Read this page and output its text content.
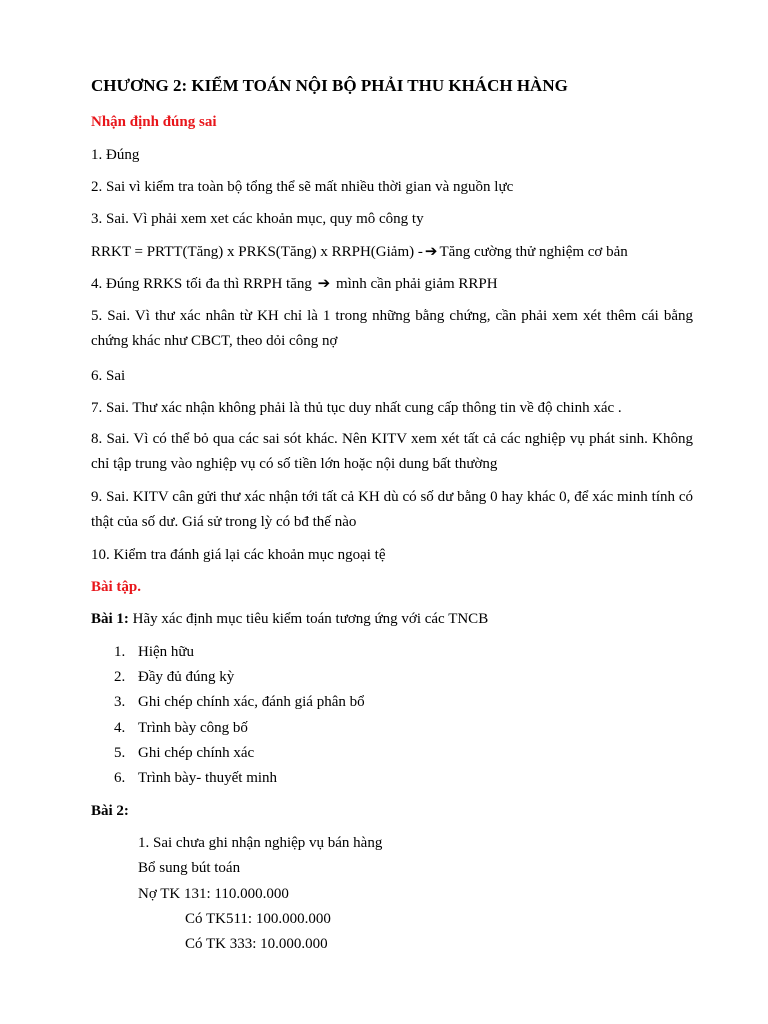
CHƯƠNG 2: KIỂM TOÁN NỘI BỘ PHẢI THU KHÁCH HÀNG
Nhận định đúng sai
1. Đúng
2. Sai vì kiểm tra toàn bộ tổng thể sẽ mất nhiều thời gian và nguồn lực
3. Sai. Vì phải xem xet các khoản mục, quy mô công ty
RRKT = PRTT(Tăng) x PRKS(Tăng) x RRPH(Giảm) - ➔ Tăng cường thử nghiệm cơ bản
4. Đúng RRKS tối đa thì RRPH tăng ➔ mình cần phải giảm RRPH
5. Sai. Vì thư xác nhân từ KH chỉ là 1 trong những bằng chứng, cần phải xem xét thêm cái bằng chứng khác như CBCT, theo dỏi công nợ
6. Sai
7. Sai. Thư xác nhận không phải là thủ tục duy nhất cung cấp thông tin về độ chinh xác .
8. Sai. Vì có thể bỏ qua các sai sót khác. Nên KITV xem xét tất cả các nghiệp vụ phát sinh. Không chỉ tập trung vào nghiệp vụ có số tiền lớn hoặc nội dung bất thường
9. Sai. KITV cân gửi thư xác nhận tới tất cả KH dù có số dư bằng 0 hay khác 0, để xác minh tính có thật của số dư. Giá sử trong lỳ có bđ thế nào
10. Kiểm tra đánh giá lại các khoản mục ngoại tệ
Bài tập.
Bài 1: Hãy xác định mục tiêu kiểm toán tương ứng với các TNCB
1. Hiện hữu
2. Đầy đủ đúng kỳ
3. Ghi chép chính xác, đánh giá phân bổ
4. Trình bày công bố
5. Ghi chép chính xác
6. Trình bày- thuyết minh
Bài 2:
1. Sai chưa ghi nhận nghiệp vụ bán hàng
Bổ sung bút toán
Nợ TK 131: 110.000.000
Có TK511: 100.000.000
Có TK 333: 10.000.000
